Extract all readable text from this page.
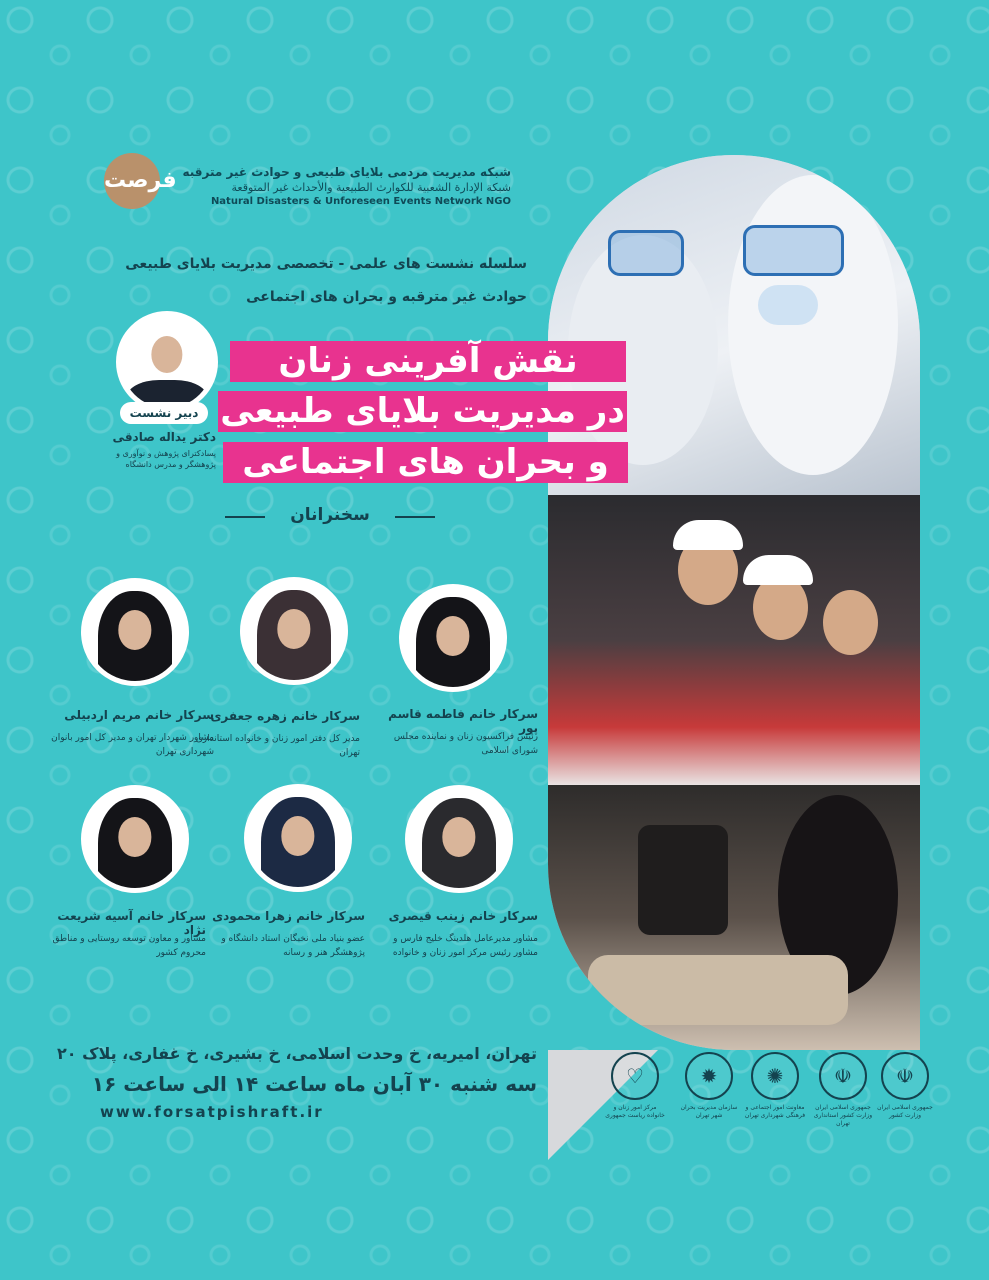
فرصت شبکه مدیریت مردمی بلایای طبیعی و حوادث غیر مترقبه
شبكة الإدارة الشعبية للكوارث الطبيعية والأحداث غير المتوقعة
Natural Disasters & Unforeseen Events Network NGO
سلسله نشست های علمی - تخصصی مدیریت بلایای طبیعی
حوادث غیر مترقبه و بحران های اجتماعی
نقش آفرینی زنان
در مدیریت بلایای طبیعی
و بحران های اجتماعی
دبیر نشست
دکتر یداله صادقی
پسادکترای پژوهش و نوآوری و پژوهشگر و مدرس دانشگاه
سخنرانان
سرکار خانم فاطمه قاسم پور
رئیس فراکسیون زنان و نماینده مجلس شورای اسلامی
سرکار خانم زهره جعفری
مدیر کل دفتر امور زنان و خانواده استانداری تهران
سرکار خانم مریم اردبیلی
مشاور شهردار تهران و مدیر کل امور بانوان شهرداری تهران
سرکار خانم زینب قیصری
مشاور مدیرعامل هلدینگ خلیج فارس و مشاور رئیس مرکز امور زنان و خانواده
سرکار خانم زهرا محمودی
عضو بنیاد ملی نخبگان استاد دانشگاه و پژوهشگر هنر و رسانه
سرکار خانم آسیه شریعت نژاد
مشاور و معاون توسعه روستایی و مناطق محروم کشور
تهران، امیریه، خ وحدت اسلامی، خ بشیری، خ غفاری، پلاک ۲۰
سه شنبه ۳۰ آبان ماه ساعت ۱۴ الی ساعت ۱۶
www.forsatpishraft.ir
☫
جمهوری اسلامی ایران وزارت کشور
☫
جمهوری اسلامی ایران وزارت کشور استانداری تهران
✺
معاونت امور اجتماعی و فرهنگی شهرداری تهران
✹
سازمان مدیریت بحران شهر تهران
♡
مرکز امور زنان و خانواده ریاست جمهوری
